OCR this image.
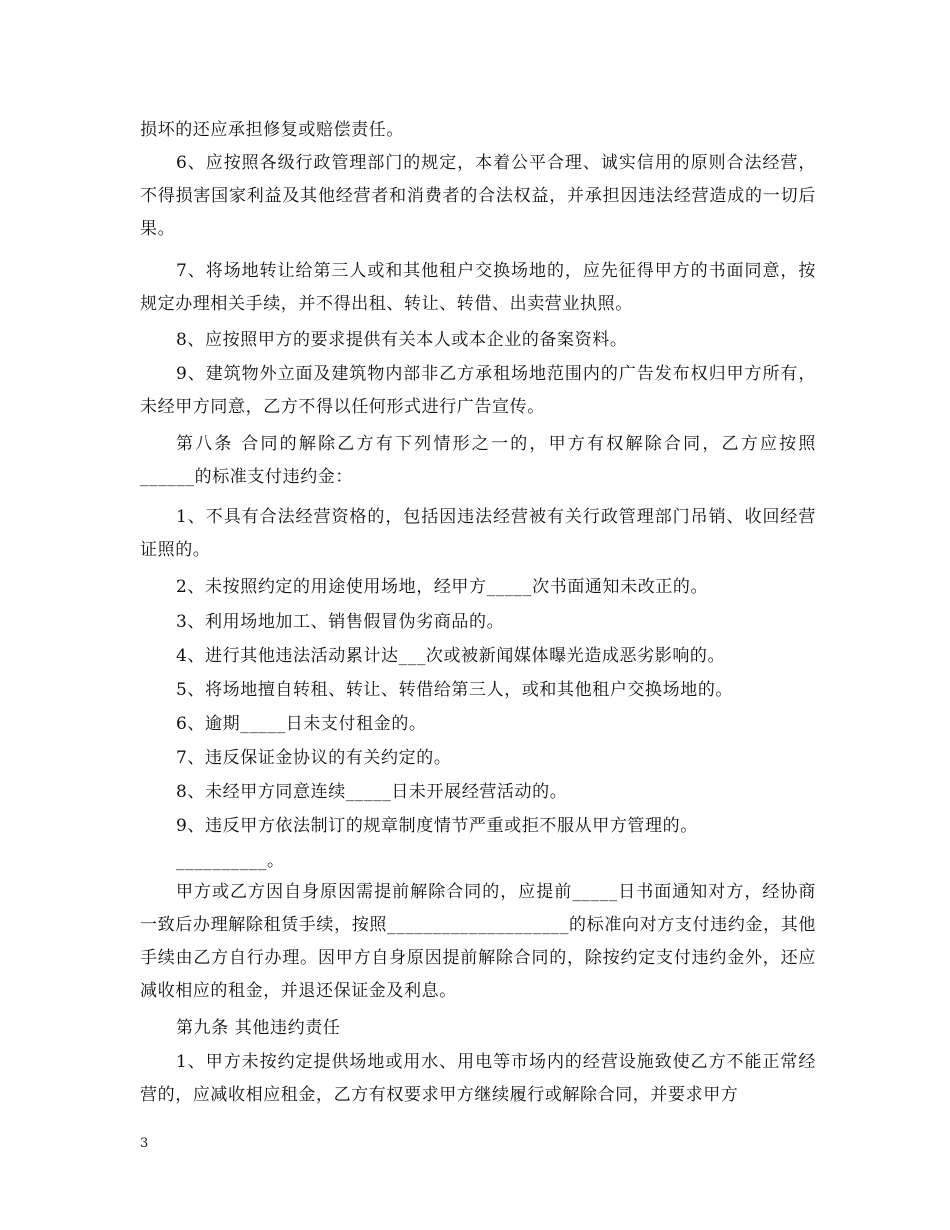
损坏的还应承担修复或赔偿责任。

6、应按照各级行政管理部门的规定，本着公平合理、诚实信用的原则合法经营，不得损害国家利益及其他经营者和消费者的合法权益，并承担因违法经营造成的一切后果。

7、将场地转让给第三人或和其他租户交换场地的，应先征得甲方的书面同意，按规定办理相关手续，并不得出租、转让、转借、出卖营业执照。

8、应按照甲方的要求提供有关本人或本企业的备案资料。

9、建筑物外立面及建筑物内部非乙方承租场地范围内的广告发布权归甲方所有，未经甲方同意，乙方不得以任何形式进行广告宣传。

第八条 合同的解除乙方有下列情形之一的，甲方有权解除合同，乙方应按照______的标准支付违约金：

1、不具有合法经营资格的，包括因违法经营被有关行政管理部门吊销、收回经营证照的。

2、未按照约定的用途使用场地，经甲方_____次书面通知未改正的。

3、利用场地加工、销售假冒伪劣商品的。

4、进行其他违法活动累计达___次或被新闻媒体曝光造成恶劣影响的。

5、将场地擅自转租、转让、转借给第三人，或和其他租户交换场地的。

6、逾期_____日未支付租金的。

7、违反保证金协议的有关约定的。

8、未经甲方同意连续_____日未开展经营活动的。

9、违反甲方依法制订的规章制度情节严重或拒不服从甲方管理的。

__________。

甲方或乙方因自身原因需提前解除合同的，应提前_____日书面通知对方，经协商一致后办理解除租赁手续，按照____________________的标准向对方支付违约金，其他手续由乙方自行办理。因甲方自身原因提前解除合同的，除按约定支付违约金外，还应减收相应的租金，并退还保证金及利息。

第九条 其他违约责任

1、甲方未按约定提供场地或用水、用电等市场内的经营设施致使乙方不能正常经营的，应减收相应租金，乙方有权要求甲方继续履行或解除合同，并要求甲方

3
